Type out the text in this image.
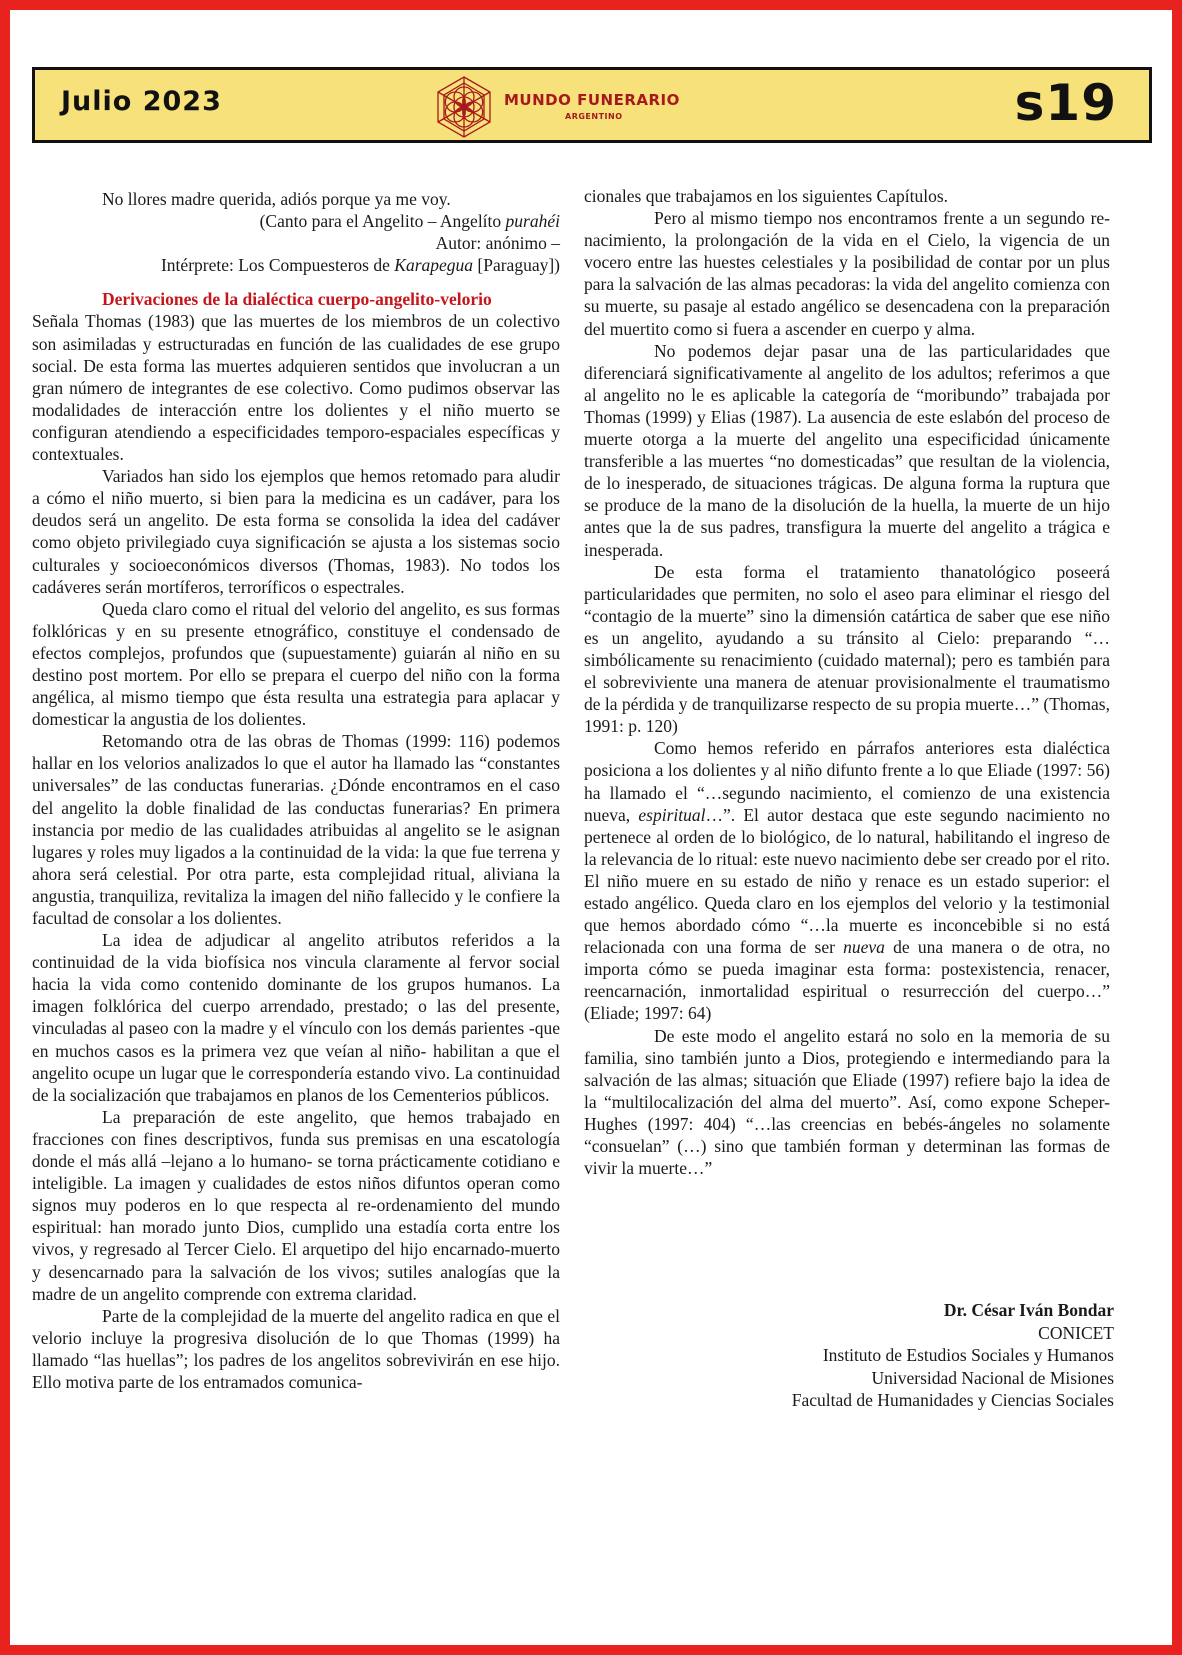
Julio 2023	MUNDO FUNERARIO
ARGENTINO	s19

No llores madre querida, adiós porque ya me voy.

(Canto para el Angelito – Angelíto purahéi

Autor: anónimo –

Intérprete: Los Compuesteros de Karapegua [Paraguay])

Derivaciones de la dialéctica cuerpo-angelito-velorio

Señala Thomas (1983) que las muertes de los miembros de un colectivo son asimiladas y estructuradas en función de las cualidades de ese grupo social. De esta forma las muertes adquieren sentidos que involucran a un gran número de integrantes de ese colectivo. Como pudimos observar las modalidades de interacción entre los dolientes y el niño muerto se configuran atendiendo a especificidades temporo-espaciales específicas y contextuales.

Variados han sido los ejemplos que hemos retomado para aludir a cómo el niño muerto, si bien para la medicina es un cadáver, para los deudos será un angelito. De esta forma se consolida la idea del cadáver como objeto privilegiado cuya significación se ajusta a los sistemas socio culturales y socioeconómicos diversos (Thomas, 1983). No todos los cadáveres serán mortíferos, terroríficos o espectrales.

Queda claro como el ritual del velorio del angelito, es sus formas folklóricas y en su presente etnográfico, constituye el condensado de efectos complejos, profundos que (supuestamente) guiarán al niño en su destino post mortem. Por ello se prepara el cuerpo del niño con la forma angélica, al mismo tiempo que ésta resulta una estrategia para aplacar y domesticar la angustia de los dolientes.

Retomando otra de las obras de Thomas (1999: 116) podemos hallar en los velorios analizados lo que el autor ha llamado las “constantes universales” de las conductas funerarias. ¿Dónde encontramos en el caso del angelito la doble finalidad de las conductas funerarias? En primera instancia por medio de las cualidades atribuidas al angelito se le asignan lugares y roles muy ligados a la continuidad de la vida: la que fue terrena y ahora será celestial. Por otra parte, esta complejidad ritual, aliviana la angustia, tranquiliza, revitaliza la imagen del niño fallecido y le confiere la facultad de consolar a los dolientes.

La idea de adjudicar al angelito atributos referidos a la continuidad de la vida biofísica nos vincula claramente al fervor social hacia la vida como contenido dominante de los grupos humanos. La imagen folklórica del cuerpo arrendado, prestado; o las del presente, vinculadas al paseo con la madre y el vínculo con los demás parientes -que en muchos casos es la primera vez que veían al niño- habilitan a que el angelito ocupe un lugar que le correspondería estando vivo. La continuidad de la socialización que trabajamos en planos de los Cementerios públicos.

La preparación de este angelito, que hemos trabajado en fracciones con fines descriptivos, funda sus premisas en una escatología donde el más allá –lejano a lo humano- se torna prácticamente cotidiano e inteligible. La imagen y cualidades de estos niños difuntos operan como signos muy poderos en lo que respecta al re-ordenamiento del mundo espiritual: han morado junto Dios, cumplido una estadía corta entre los vivos, y regresado al Tercer Cielo. El arquetipo del hijo encarnado-muerto y desencarnado para la salvación de los vivos; sutiles analogías que la madre de un angelito comprende con extrema claridad.

Parte de la complejidad de la muerte del angelito radica en que el velorio incluye la progresiva disolución de lo que Thomas (1999) ha llamado “las huellas”; los padres de los angelitos sobrevivirán en ese hijo. Ello motiva parte de los entramados comunica-

cionales que trabajamos en los siguientes Capítulos.

Pero al mismo tiempo nos encontramos frente a un segundo re-nacimiento, la prolongación de la vida en el Cielo, la vigencia de un vocero entre las huestes celestiales y la posibilidad de contar por un plus para la salvación de las almas pecadoras: la vida del angelito comienza con su muerte, su pasaje al estado angélico se desencadena con la preparación del muertito como si fuera a ascender en cuerpo y alma.

No podemos dejar pasar una de las particularidades que diferenciará significativamente al angelito de los adultos; referimos a que al angelito no le es aplicable la categoría de “moribundo” trabajada por Thomas (1999) y Elias (1987). La ausencia de este eslabón del proceso de muerte otorga a la muerte del angelito una especificidad únicamente transferible a las muertes “no domesticadas” que resultan de la violencia, de lo inesperado, de situaciones trágicas. De alguna forma la ruptura que se produce de la mano de la disolución de la huella, la muerte de un hijo antes que la de sus padres, transfigura la muerte del angelito a trágica e inesperada.

De esta forma el tratamiento thanatológico poseerá particularidades que permiten, no solo el aseo para eliminar el riesgo del “contagio de la muerte” sino la dimensión catártica de saber que ese niño es un angelito, ayudando a su tránsito al Cielo: preparando “…simbólicamente su renacimiento (cuidado maternal); pero es también para el sobreviviente una manera de atenuar provisionalmente el traumatismo de la pérdida y de tranquilizarse respecto de su propia muerte…” (Thomas, 1991: p. 120)

Como hemos referido en párrafos anteriores esta dialéctica posiciona a los dolientes y al niño difunto frente a lo que Eliade (1997: 56) ha llamado el “…segundo nacimiento, el comienzo de una existencia nueva, espiritual…”. El autor destaca que este segundo nacimiento no pertenece al orden de lo biológico, de lo natural, habilitando el ingreso de la relevancia de lo ritual: este nuevo nacimiento debe ser creado por el rito. El niño muere en su estado de niño y renace es un estado superior: el estado angélico. Queda claro en los ejemplos del velorio y la testimonial que hemos abordado cómo “…la muerte es inconcebible si no está relacionada con una forma de ser nueva de una manera o de otra, no importa cómo se pueda imaginar esta forma: postexistencia, renacer, reencarnación, inmortalidad espiritual o resurrección del cuerpo…” (Eliade; 1997: 64)

De este modo el angelito estará no solo en la memoria de su familia, sino también junto a Dios, protegiendo e intermediando para la salvación de las almas; situación que Eliade (1997) refiere bajo la idea de la “multilocalización del alma del muerto”. Así, como expone Scheper-Hughes (1997: 404) “…las creencias en bebés-ángeles no solamente “consuelan” (…) sino que también forman y determinan las formas de vivir la muerte…”

Dr. César Iván Bondar
CONICET
Instituto de Estudios Sociales y Humanos
Universidad Nacional de Misiones
Facultad de Humanidades y Ciencias Sociales
